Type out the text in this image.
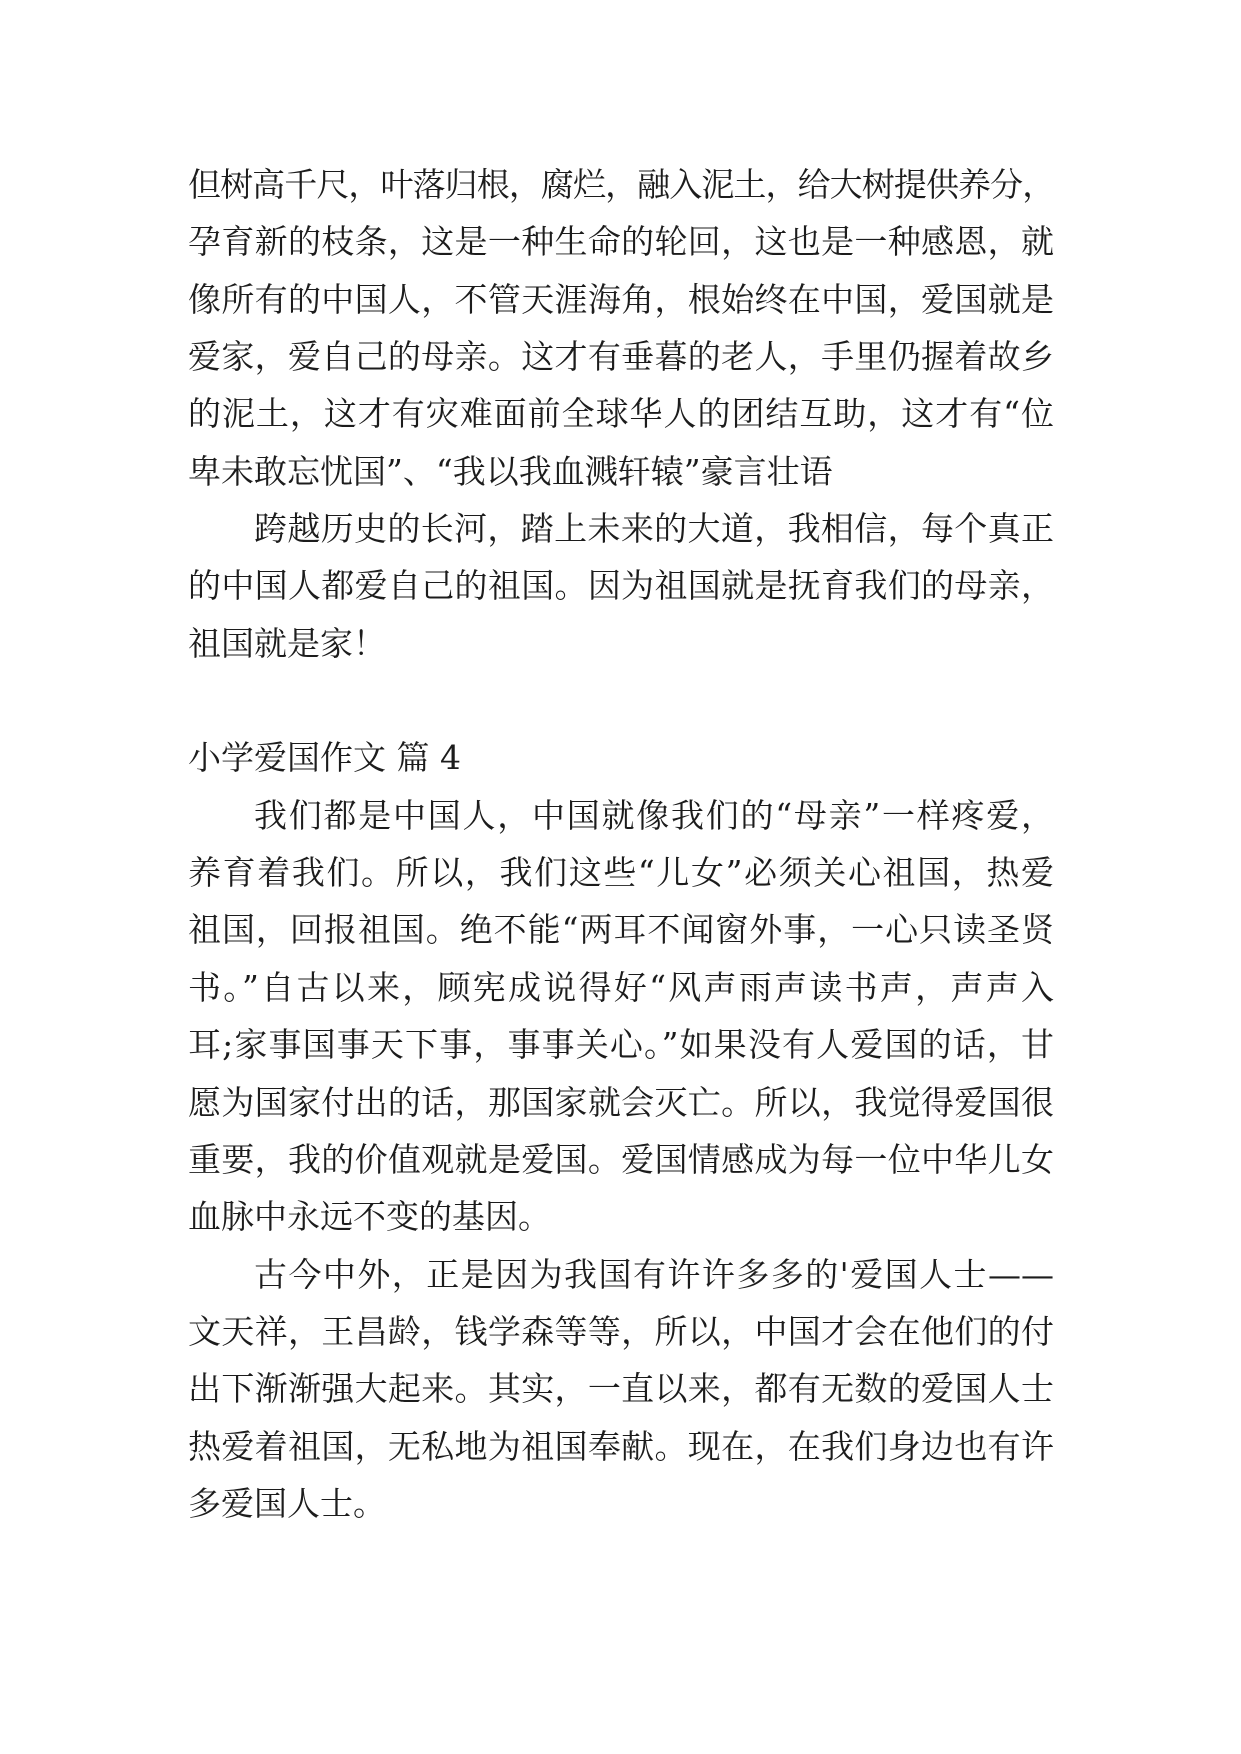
但树高千尺，叶落归根，腐烂，融入泥土，给大树提供养分，
孕育新的枝条，这是一种生命的轮回，这也是一种感恩，就
像所有的中国人，不管天涯海角，根始终在中国，爱国就是
爱家，爱自己的母亲。这才有垂暮的老人，手里仍握着故乡
的泥土，这才有灾难面前全球华人的团结互助，这才有“位
卑未敢忘忧国”、“我以我血溅轩辕”豪言壮语
跨越历史的长河，踏上未来的大道，我相信，每个真正
的中国人都爱自己的祖国。因为祖国就是抚育我们的母亲，
祖国就是家！
小学爱国作文 篇 4
我们都是中国人，中国就像我们的“母亲”一样疼爱，
养育着我们。所以，我们这些“儿女”必须关心祖国，热爱
祖国，回报祖国。绝不能“两耳不闻窗外事，一心只读圣贤
书。”自古以来，顾宪成说得好“风声雨声读书声，声声入
耳;家事国事天下事，事事关心。”如果没有人爱国的话，甘
愿为国家付出的话，那国家就会灭亡。所以，我觉得爱国很
重要，我的价值观就是爱国。爱国情感成为每一位中华儿女
血脉中永远不变的基因。
古今中外，正是因为我国有许许多多的'爱国人士——
文天祥，王昌龄，钱学森等等，所以，中国才会在他们的付
出下渐渐强大起来。其实，一直以来，都有无数的爱国人士
热爱着祖国，无私地为祖国奉献。现在，在我们身边也有许
多爱国人士。
